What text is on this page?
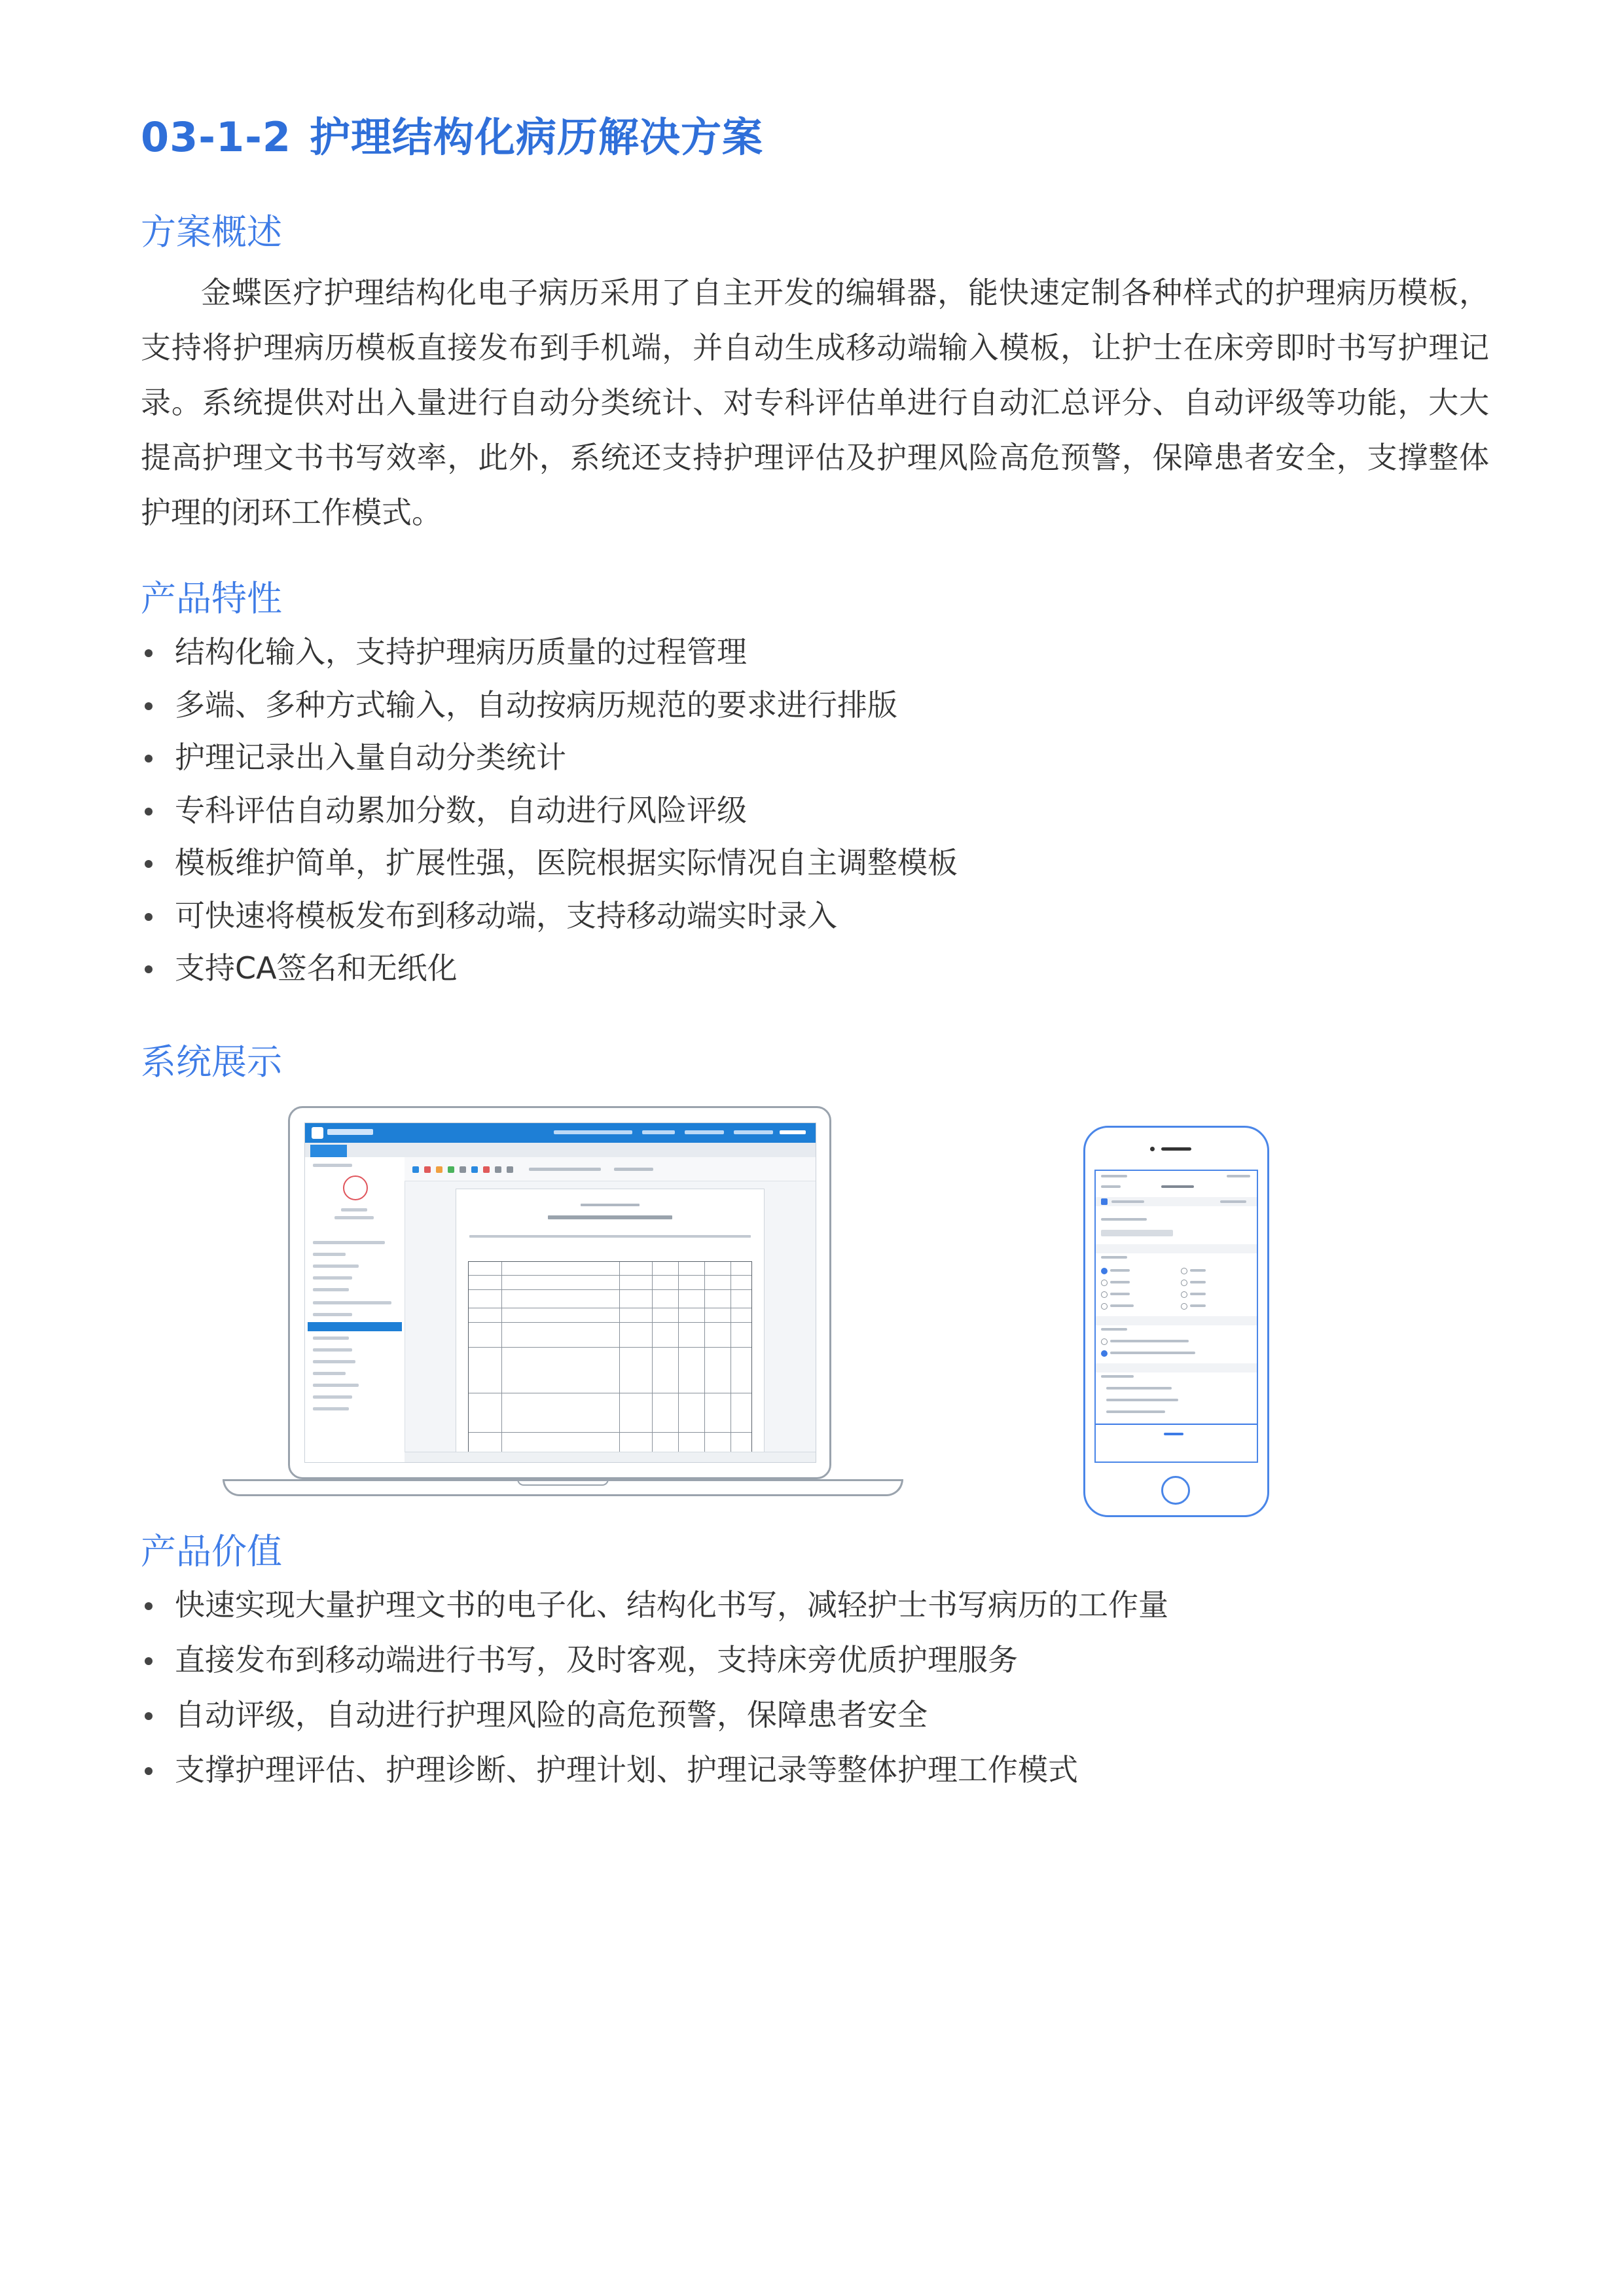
03-1-2 护理结构化病历解决方案
方案概述

金蝶医疗护理结构化电子病历采用了自主开发的编辑器，能快速定制各种样式的护理病历模板，支持将护理病历模板直接发布到手机端，并自动生成移动端输入模板，让护士在床旁即时书写护理记录。系统提供对出入量进行自动分类统计、对专科评估单进行自动汇总评分、自动评级等功能，大大提高护理文书书写效率，此外，系统还支持护理评估及护理风险高危预警，保障患者安全，支撑整体护理的闭环工作模式。

产品特性
结构化输入，支持护理病历质量的过程管理
多端、多种方式输入，自动按病历规范的要求进行排版
护理记录出入量自动分类统计
专科评估自动累加分数，自动进行风险评级
模板维护简单，扩展性强，医院根据实际情况自主调整模板
可快速将模板发布到移动端，支持移动端实时录入
支持CA签名和无纸化
系统展示
产品价值
快速实现大量护理文书的电子化、结构化书写，减轻护士书写病历的工作量
直接发布到移动端进行书写，及时客观，支持床旁优质护理服务
自动评级，自动进行护理风险的高危预警，保障患者安全
支撑护理评估、护理诊断、护理计划、护理记录等整体护理工作模式
